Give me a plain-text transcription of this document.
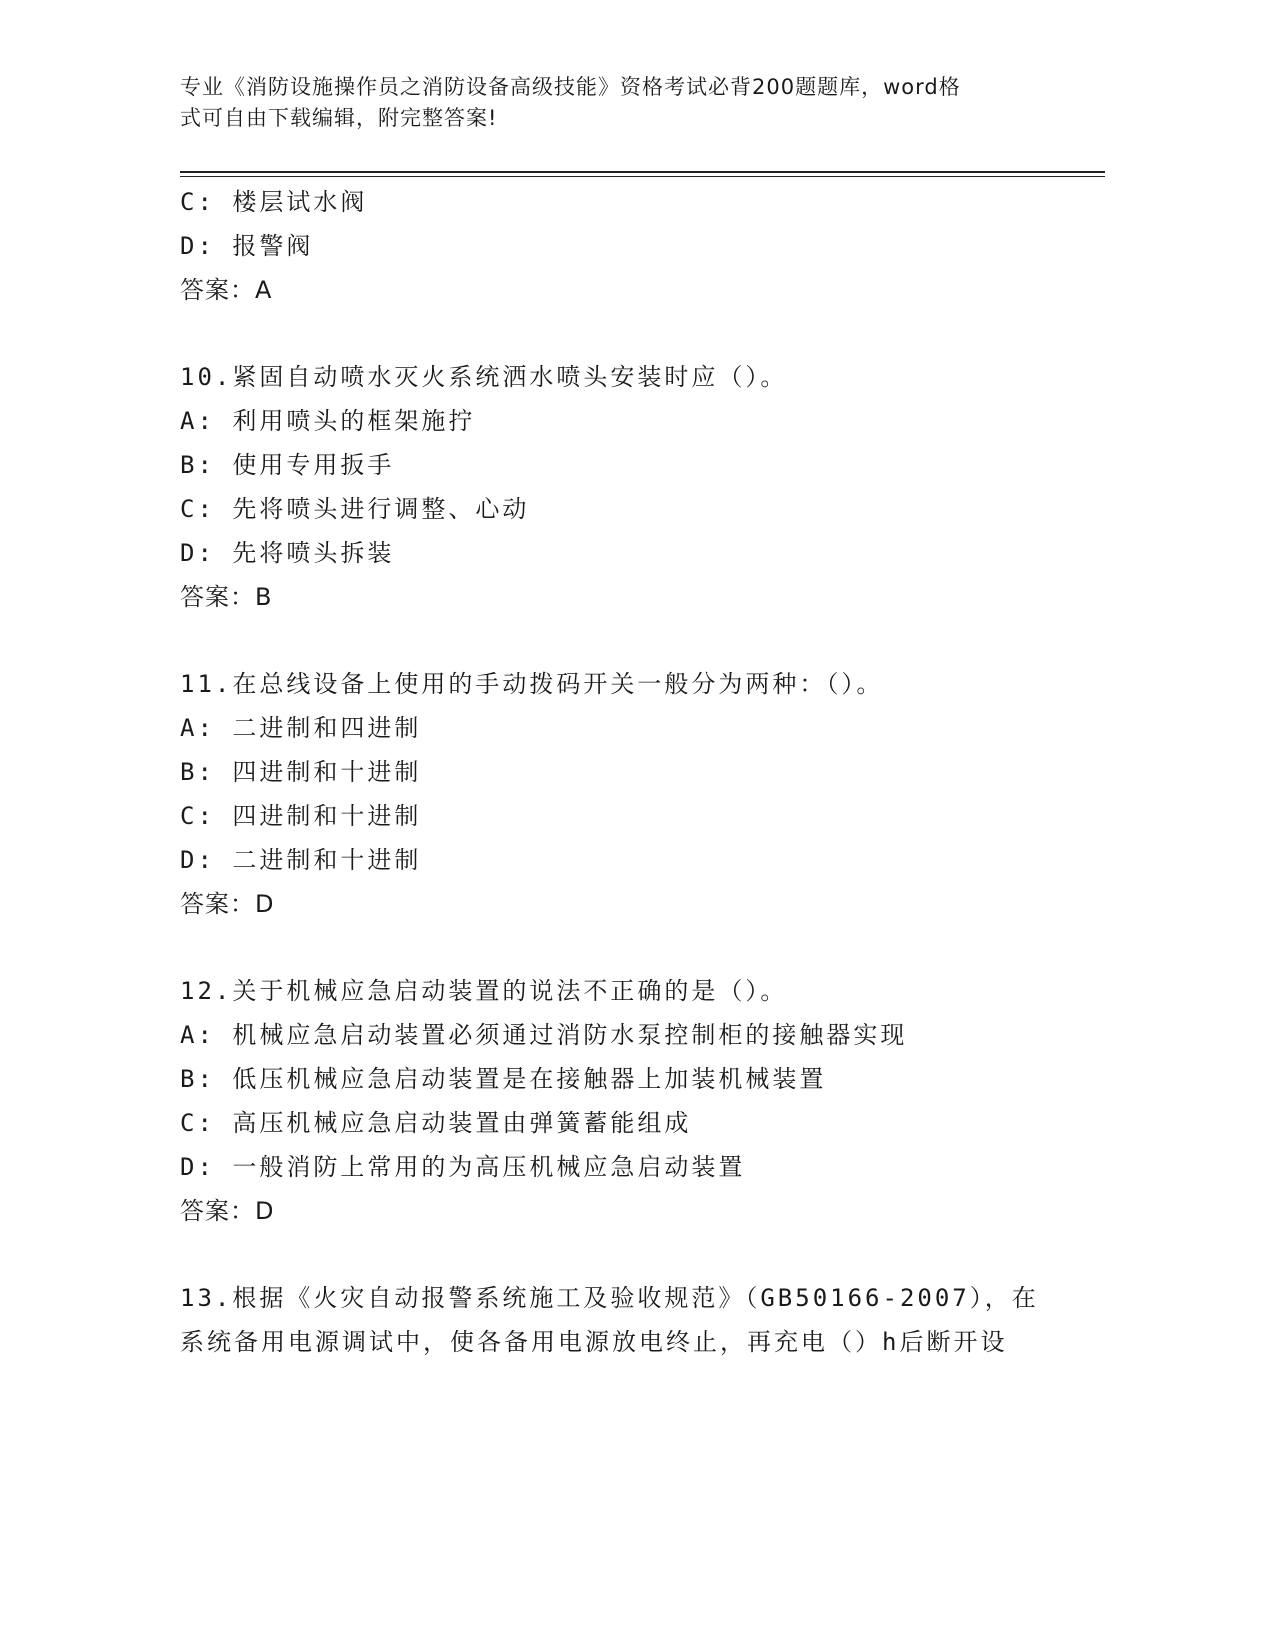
专业《消防设施操作员之消防设备高级技能》资格考试必背200题题库，word格
式可自由下载编辑，附完整答案!
C: 楼层试水阀
D: 报警阀
答案：A
10.紧固自动喷水灭火系统洒水喷头安装时应（）。
A: 利用喷头的框架施拧
B: 使用专用扳手
C: 先将喷头进行调整、心动
D: 先将喷头拆装
答案：B
11.在总线设备上使用的手动拨码开关一般分为两种：（）。
A: 二进制和四进制
B: 四进制和十进制
C: 四进制和十进制
D: 二进制和十进制
答案：D
12.关于机械应急启动装置的说法不正确的是（）。
A: 机械应急启动装置必须通过消防水泵控制柜的接触器实现
B: 低压机械应急启动装置是在接触器上加装机械装置
C: 高压机械应急启动装置由弹簧蓄能组成
D: 一般消防上常用的为高压机械应急启动装置
答案：D
13.根据《火灾自动报警系统施工及验收规范》（GB50166-2007），在
系统备用电源调试中，使各备用电源放电终止，再充电（）h后断开设
